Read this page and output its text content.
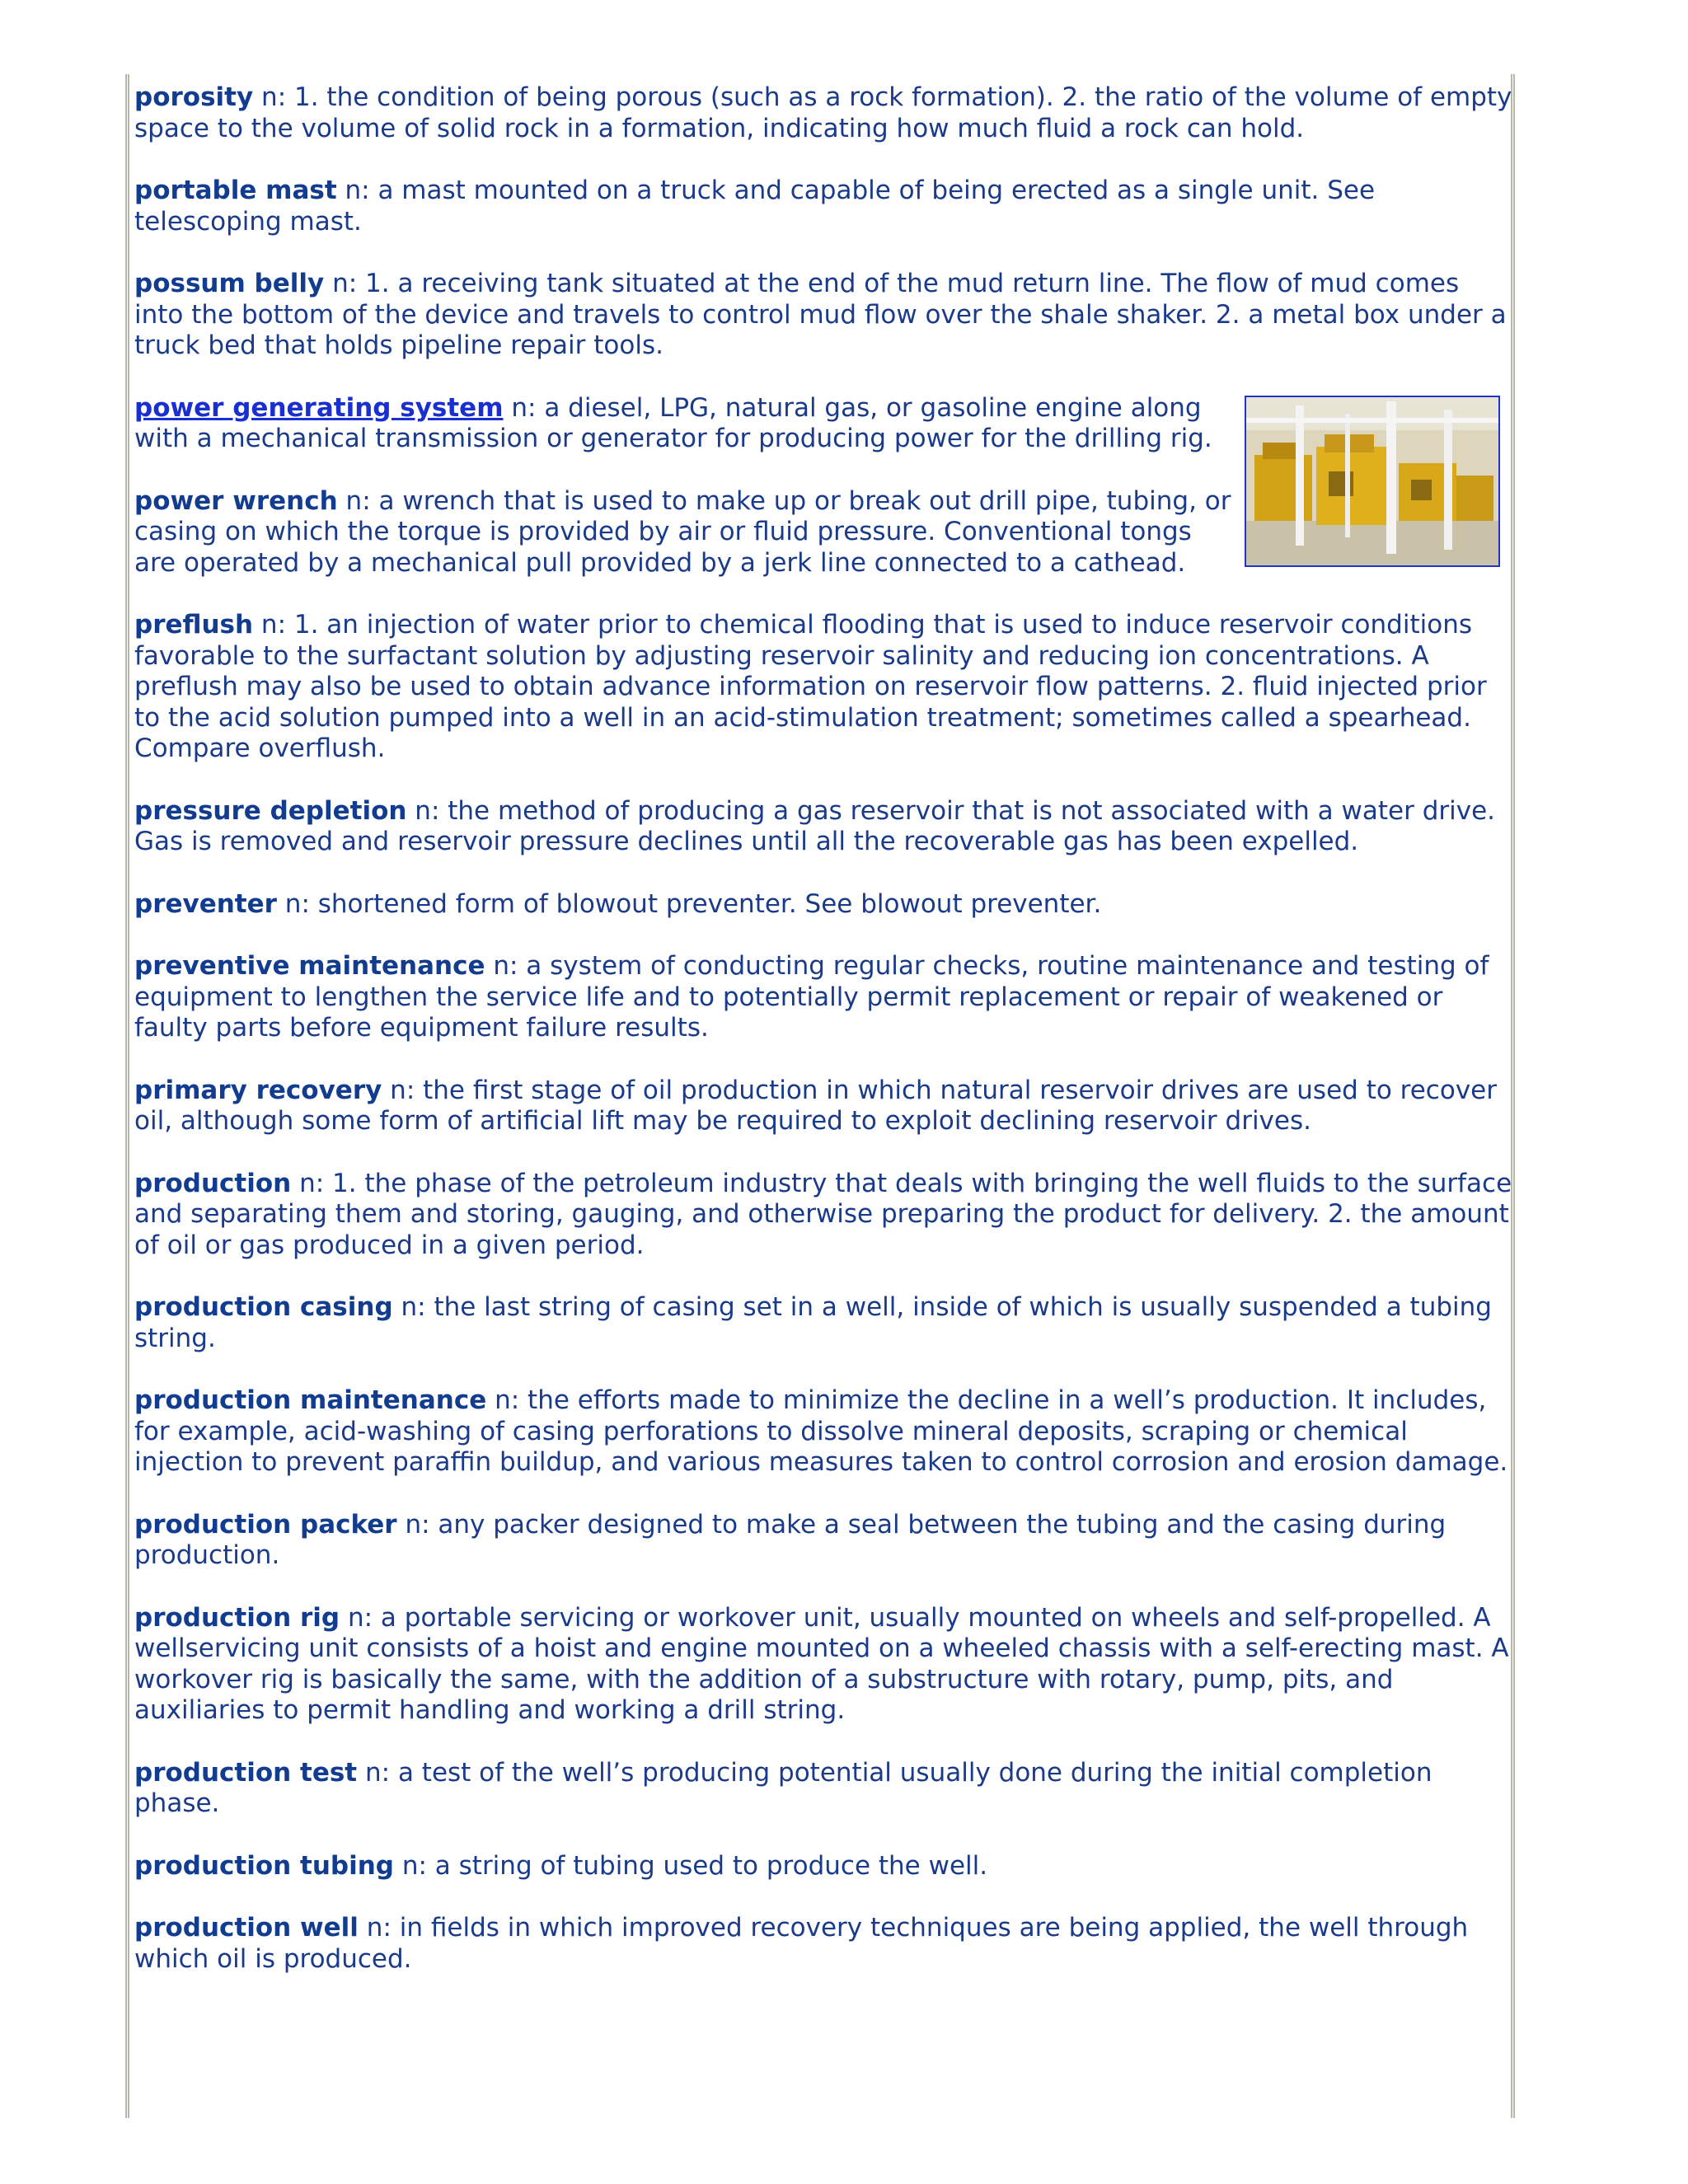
porosity n: 1. the condition of being porous (such as a rock formation). 2. the ratio of the volume of empty space to the volume of solid rock in a formation, indicating how much fluid a rock can hold.

portable mast n: a mast mounted on a truck and capable of being erected as a single unit. See telescoping mast.

possum belly n: 1. a receiving tank situated at the end of the mud return line. The flow of mud comes into the bottom of the device and travels to control mud flow over the shale shaker. 2. a metal box under a truck bed that holds pipeline repair tools.

power generating system n: a diesel, LPG, natural gas, or gasoline engine along with a mechanical transmission or generator for producing power for the drilling rig.

power wrench n: a wrench that is used to make up or break out drill pipe, tubing, or casing on which the torque is provided by air or fluid pressure. Conventional tongs are operated by a mechanical pull provided by a jerk line connected to a cathead.

preflush n: 1. an injection of water prior to chemical flooding that is used to induce reservoir conditions favorable to the surfactant solution by adjusting reservoir salinity and reducing ion concentrations. A preflush may also be used to obtain advance information on reservoir flow patterns. 2. fluid injected prior to the acid solution pumped into a well in an acid-stimulation treatment; sometimes called a spearhead. Compare overflush.

pressure depletion n: the method of producing a gas reservoir that is not associated with a water drive. Gas is removed and reservoir pressure declines until all the recoverable gas has been expelled.

preventer n: shortened form of blowout preventer. See blowout preventer.

preventive maintenance n: a system of conducting regular checks, routine maintenance and testing of equipment to lengthen the service life and to potentially permit replacement or repair of weakened or faulty parts before equipment failure results.

primary recovery n: the first stage of oil production in which natural reservoir drives are used to recover oil, although some form of artificial lift may be required to exploit declining reservoir drives.

production n: 1. the phase of the petroleum industry that deals with bringing the well fluids to the surface and separating them and storing, gauging, and otherwise preparing the product for delivery. 2. the amount of oil or gas produced in a given period.

production casing n: the last string of casing set in a well, inside of which is usually suspended a tubing string.

production maintenance n: the efforts made to minimize the decline in a well’s production. It includes, for example, acid-washing of casing perforations to dissolve mineral deposits, scraping or chemical injection to prevent paraffin buildup, and various measures taken to control corrosion and erosion damage.

production packer n: any packer designed to make a seal between the tubing and the casing during production.

production rig n: a portable servicing or workover unit, usually mounted on wheels and self-propelled. A wellservicing unit consists of a hoist and engine mounted on a wheeled chassis with a self-erecting mast. A workover rig is basically the same, with the addition of a substructure with rotary, pump, pits, and auxiliaries to permit handling and working a drill string.

production test n: a test of the well’s producing potential usually done during the initial completion phase.

production tubing n: a string of tubing used to produce the well.

production well n: in fields in which improved recovery techniques are being applied, the well through which oil is produced.
